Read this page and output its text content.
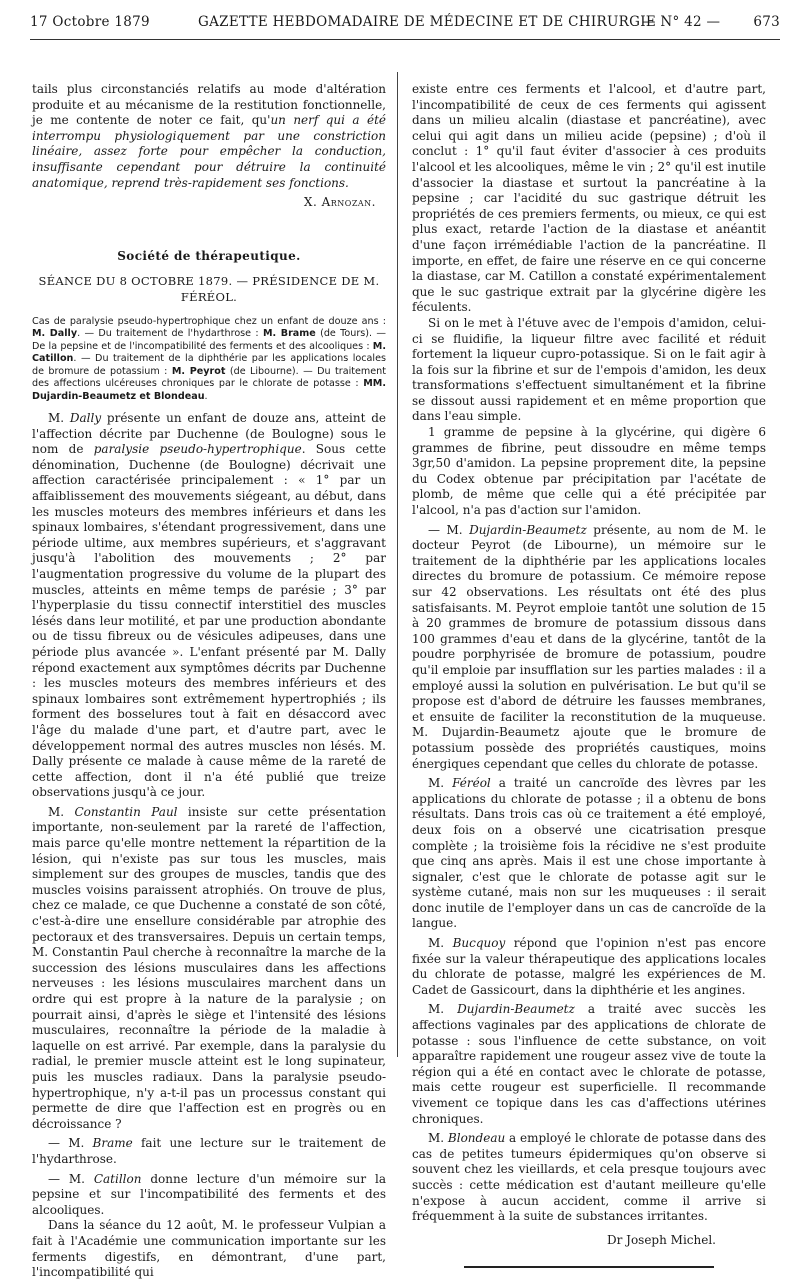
17 Octobre 1879	GAZETTE HEBDOMADAIRE DE MÉDECINE ET DE CHIRURGIE
— N° 42 — 673

tails plus circonstanciés relatifs au mode d'altération produite et au mécanisme de la restitution fonctionnelle, je me contente de noter ce fait, qu'un nerf qui a été interrompu physiologiquement par une constriction linéaire, assez forte pour empêcher la conduction, insuffisante cependant pour détruire la continuité anatomique, reprend très-rapidement ses fonctions.

X. Arnozan.

Société de thérapeutique.

SÉANCE DU 8 OCTOBRE 1879. — PRÉSIDENCE DE M. FÉRÉOL.

Cas de paralysie pseudo-hypertrophique chez un enfant de douze ans : M. Dally. — Du traitement de l'hydarthrose : M. Brame (de Tours). — De la pepsine et de l'incompatibilité des ferments et des alcooliques : M. Catillon. — Du traitement de la diphthérie par les applications locales de bromure de potassium : M. Peyrot (de Libourne). — Du traitement des affections ulcéreuses chroniques par le chlorate de potasse : MM. Dujardin-Beaumetz et Blondeau.

M. Dally présente un enfant de douze ans, atteint de l'affection décrite par Duchenne (de Boulogne) sous le nom de paralysie pseudo-hypertrophique. Sous cette dénomination, Duchenne (de Boulogne) décrivait une affection caractérisée principalement : « 1° par un affaiblissement des mouvements siégeant, au début, dans les muscles moteurs des membres inférieurs et dans les spinaux lombaires, s'étendant progressivement, dans une période ultime, aux membres supérieurs, et s'aggravant jusqu'à l'abolition des mouvements ; 2° par l'augmentation progressive du volume de la plupart des muscles, atteints en même temps de parésie ; 3° par l'hyperplasie du tissu connectif interstitiel des muscles lésés dans leur motilité, et par une production abondante ou de tissu fibreux ou de vésicules adipeuses, dans une période plus avancée ». L'enfant présenté par M. Dally répond exactement aux symptômes décrits par Duchenne : les muscles moteurs des membres inférieurs et des spinaux lombaires sont extrêmement hypertrophiés ; ils forment des bosselures tout à fait en désaccord avec l'âge du malade d'une part, et d'autre part, avec le développement normal des autres muscles non lésés. M. Dally présente ce malade à cause même de la rareté de cette affection, dont il n'a été publié que treize observations jusqu'à ce jour.

M. Constantin Paul insiste sur cette présentation importante, non-seulement par la rareté de l'affection, mais parce qu'elle montre nettement la répartition de la lésion, qui n'existe pas sur tous les muscles, mais simplement sur des groupes de muscles, tandis que des muscles voisins paraissent atrophiés. On trouve de plus, chez ce malade, ce que Duchenne a constaté de son côté, c'est-à-dire une ensellure considérable par atrophie des pectoraux et des transversaires. Depuis un certain temps, M. Constantin Paul cherche à reconnaître la marche de la succession des lésions musculaires dans les affections nerveuses : les lésions musculaires marchent dans un ordre qui est propre à la nature de la paralysie ; on pourrait ainsi, d'après le siège et l'intensité des lésions musculaires, reconnaître la période de la maladie à laquelle on est arrivé. Par exemple, dans la paralysie du radial, le premier muscle atteint est le long supinateur, puis les muscles radiaux. Dans la paralysie pseudo-hypertrophique, n'y a-t-il pas un processus constant qui permette de dire que l'affection est en progrès ou en décroissance ?

— M. Brame fait une lecture sur le traitement de l'hydarthrose.

— M. Catillon donne lecture d'un mémoire sur la pepsine et sur l'incompatibilité des ferments et des alcooliques.

Dans la séance du 12 août, M. le professeur Vulpian a fait à l'Académie une communication importante sur les ferments digestifs, en démontrant, d'une part, l'incompatibilité qui

existe entre ces ferments et l'alcool, et d'autre part, l'incompatibilité de ceux de ces ferments qui agissent dans un milieu alcalin (diastase et pancréatine), avec celui qui agit dans un milieu acide (pepsine) ; d'où il conclut : 1° qu'il faut éviter d'associer à ces produits l'alcool et les alcooliques, même le vin ; 2° qu'il est inutile d'associer la diastase et surtout la pancréatine à la pepsine ; car l'acidité du suc gastrique détruit les propriétés de ces premiers ferments, ou mieux, ce qui est plus exact, retarde l'action de la diastase et anéantit d'une façon irrémédiable l'action de la pancréatine. Il importe, en effet, de faire une réserve en ce qui concerne la diastase, car M. Catillon a constaté expérimentalement que le suc gastrique extrait par la glycérine digère les féculents.

Si on le met à l'étuve avec de l'empois d'amidon, celui-ci se fluidifie, la liqueur filtre avec facilité et réduit fortement la liqueur cupro-potassique. Si on le fait agir à la fois sur la fibrine et sur de l'empois d'amidon, les deux transformations s'effectuent simultanément et la fibrine se dissout aussi rapidement et en même proportion que dans l'eau simple.

1 gramme de pepsine à la glycérine, qui digère 6 grammes de fibrine, peut dissoudre en même temps 3gr,50 d'amidon. La pepsine proprement dite, la pepsine du Codex obtenue par précipitation par l'acétate de plomb, de même que celle qui a été précipitée par l'alcool, n'a pas d'action sur l'amidon.

— M. Dujardin-Beaumetz présente, au nom de M. le docteur Peyrot (de Libourne), un mémoire sur le traitement de la diphthérie par les applications locales directes du bromure de potassium. Ce mémoire repose sur 42 observations. Les résultats ont été des plus satisfaisants. M. Peyrot emploie tantôt une solution de 15 à 20 grammes de bromure de potassium dissous dans 100 grammes d'eau et dans de la glycérine, tantôt de la poudre porphyrisée de bromure de potassium, poudre qu'il emploie par insufflation sur les parties malades : il a employé aussi la solution en pulvérisation. Le but qu'il se propose est d'abord de détruire les fausses membranes, et ensuite de faciliter la reconstitution de la muqueuse. M. Dujardin-Beaumetz ajoute que le bromure de potassium possède des propriétés caustiques, moins énergiques cependant que celles du chlorate de potasse.

M. Féréol a traité un cancroïde des lèvres par les applications du chlorate de potasse ; il a obtenu de bons résultats. Dans trois cas où ce traitement a été employé, deux fois on a observé une cicatrisation presque complète ; la troisième fois la récidive ne s'est produite que cinq ans après. Mais il est une chose importante à signaler, c'est que le chlorate de potasse agit sur le système cutané, mais non sur les muqueuses : il serait donc inutile de l'employer dans un cas de cancroïde de la langue.

M. Bucquoy répond que l'opinion n'est pas encore fixée sur la valeur thérapeutique des applications locales du chlorate de potasse, malgré les expériences de M. Cadet de Gassicourt, dans la diphthérie et les angines.

M. Dujardin-Beaumetz a traité avec succès les affections vaginales par des applications de chlorate de potasse : sous l'influence de cette substance, on voit apparaître rapidement une rougeur assez vive de toute la région qui a été en contact avec le chlorate de potasse, mais cette rougeur est superficielle. Il recommande vivement ce topique dans les cas d'affections utérines chroniques.

M. Blondeau a employé le chlorate de potasse dans des cas de petites tumeurs épidermiques qu'on observe si souvent chez les vieillards, et cela presque toujours avec succès : cette médication est d'autant meilleure qu'elle n'expose à aucun accident, comme il arrive si fréquemment à la suite de substances irritantes.

Dr Joseph Michel.
